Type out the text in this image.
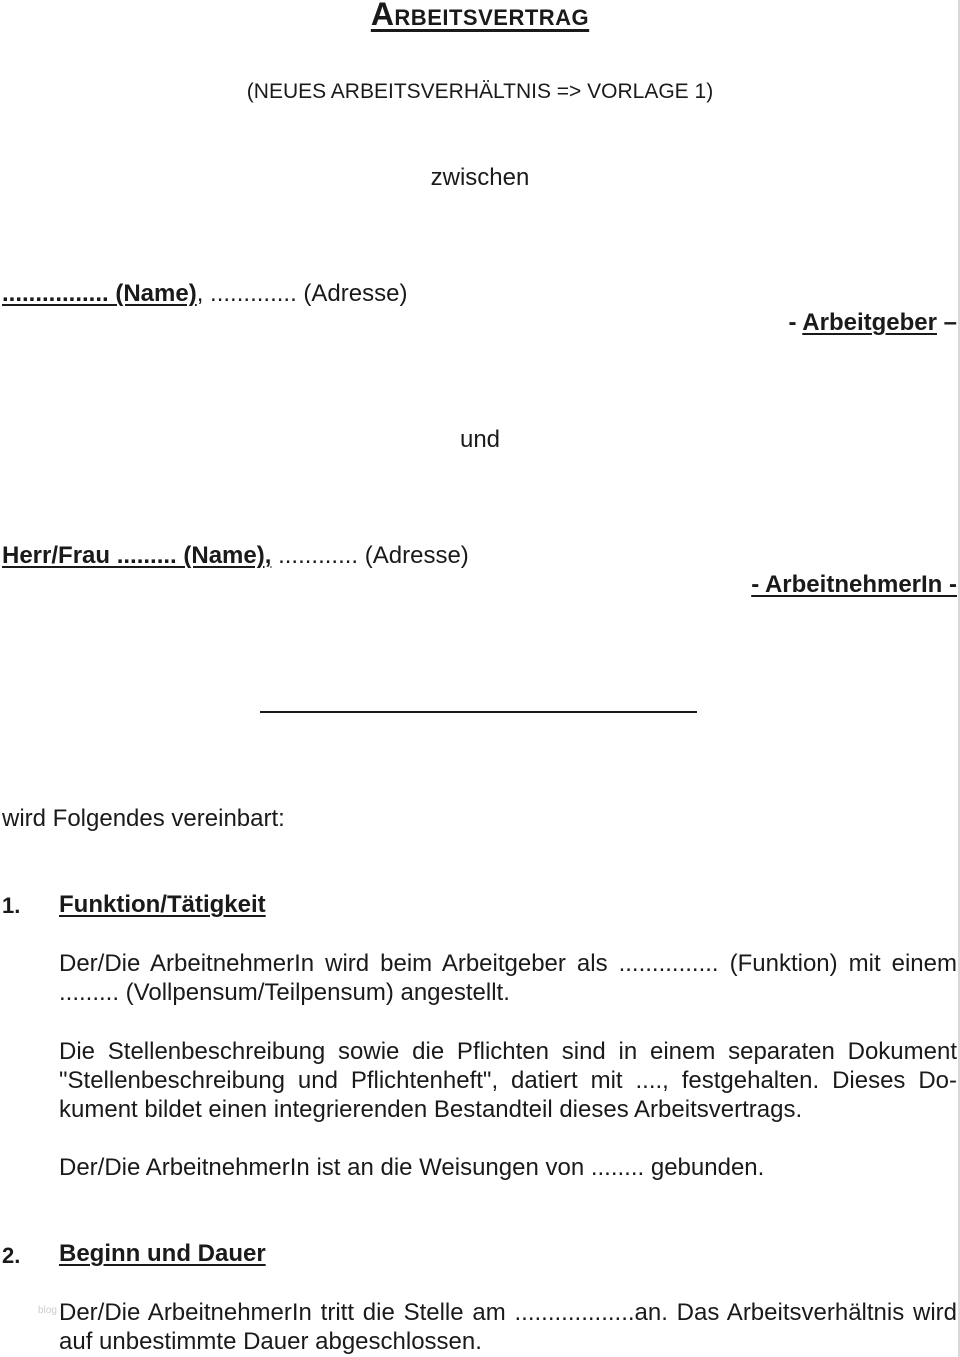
Arbeitsvertrag
(NEUES ARBEITSVERHÄLTNIS => VORLAGE 1)
zwischen
................ (Name), ............. (Adresse)
- Arbeitgeber –
und
Herr/Frau ......... (Name), ............ (Adresse)
- ArbeitnehmerIn -
wird Folgendes vereinbart:
1. Funktion/Tätigkeit
Der/Die ArbeitnehmerIn wird beim Arbeitgeber als ............... (Funktion) mit einem ......... (Vollpensum/Teilpensum) angestellt.
Die Stellenbeschreibung sowie die Pflichten sind in einem separaten Dokument "Stellenbeschreibung und Pflichtenheft", datiert mit ...., festgehalten. Dieses Do-kument bildet einen integrierenden Bestandteil dieses Arbeitsvertrags.
Der/Die ArbeitnehmerIn ist an die Weisungen von ........ gebunden.
2. Beginn und Dauer
blog Der/Die ArbeitnehmerIn tritt die Stelle am ..................an. Das Arbeitsverhältnis wird auf unbestimmte Dauer abgeschlossen.
